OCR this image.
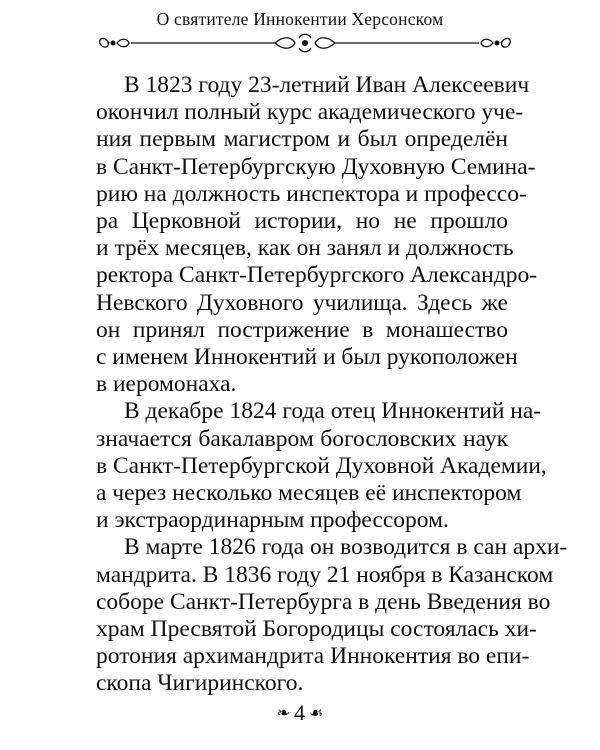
О святителе Иннокентии Херсонском

В 1823 году 23-летний Иван Алексеевич
окончил полный курс академического уче-
ния первым магистром и был определён
в Санкт-Петербургскую Духовную Семина-
рию на должность инспектора и профессо-
ра Церковной истории, но не прошло
и трёх месяцев, как он занял и должность
ректора Санкт-Петербургского Александро-
Невского Духовного училища. Здесь же
он принял пострижение в монашество
с именем Иннокентий и был рукоположен
в иеромонаха.

В декабре 1824 года отец Иннокентий на-
значается бакалавром богословских наук
в Санкт-Петербургской Духовной Академии,
а через несколько месяцев её инспектором
и экстраординарным профессором.

В марте 1826 года он возводится в сан архи-
мандрита. В 1836 году 21 ноября в Казанском
соборе Санкт-Петербурга в день Введения во
храм Пресвятой Богородицы состоялась хи-
ротония архимандрита Иннокентия во епи-
скопа Чигиринского.

❧ 4 ☙
